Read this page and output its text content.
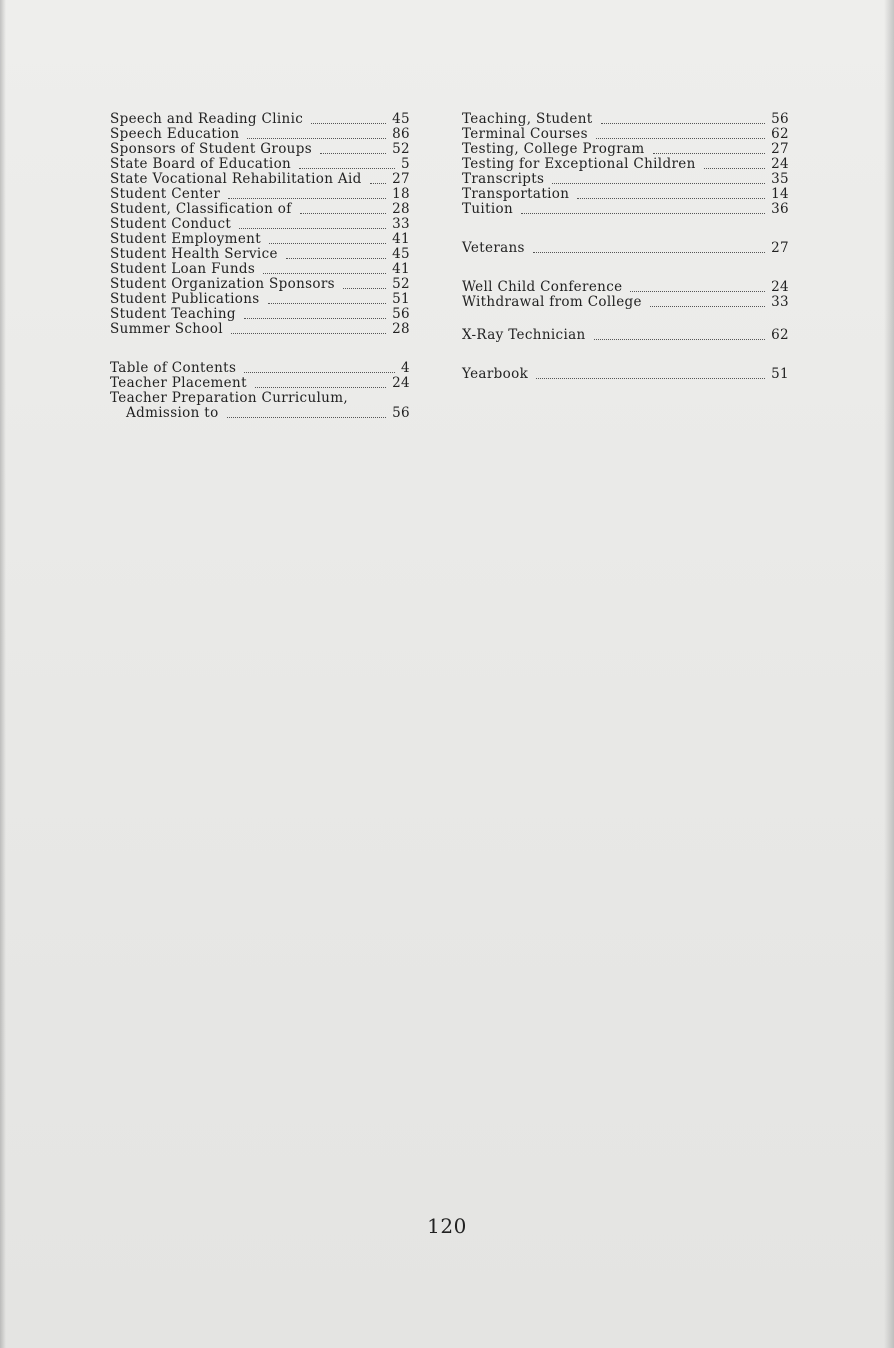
Speech and Reading Clinic	45
Speech Education	86
Sponsors of Student Groups	52
State Board of Education	5
State Vocational Rehabilitation Aid 27
Student Center	18
Student, Classification of	28
Student Conduct	33
Student Employment	41
Student Health Service	45
Student Loan Funds	41
Student Organization Sponsors	52
Student Publications	51
Student Teaching	56
Summer School	28
Table of Contents	4
Teacher Placement	24
Teacher Preparation Curriculum,
Admission to	56
Teaching, Student	56
Terminal Courses	62
Testing, College Program	27
Testing for Exceptional Children	24
Transcripts	35
Transportation	14
Tuition	36
Veterans	27
Well Child Conference	24
Withdrawal from College	33
X-Ray Technician	62
Yearbook	51
120
